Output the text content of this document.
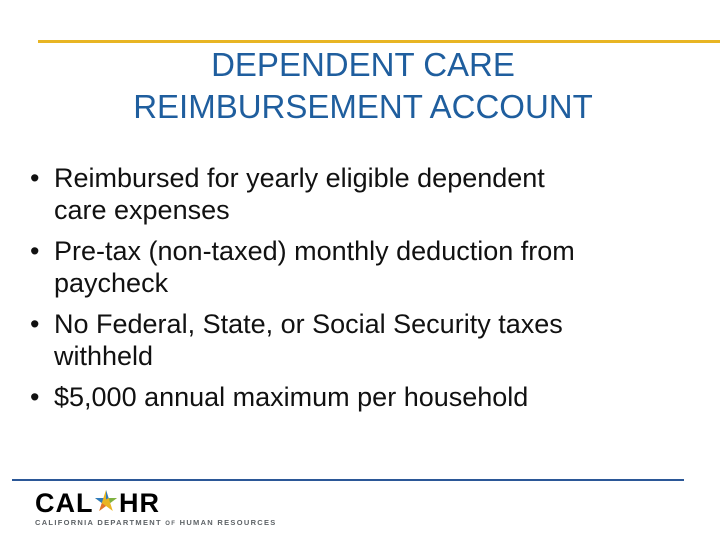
DEPENDENT CARE
REIMBURSEMENT ACCOUNT
• Reimbursed for yearly eligible dependent
care expenses
• Pre-tax (non-taxed) monthly deduction from
paycheck
• No Federal, State, or Social Security taxes
withheld
• $5,000 annual maximum per household
CAL HR
CALIFORNIA DEPARTMENT OF HUMAN RESOURCES
